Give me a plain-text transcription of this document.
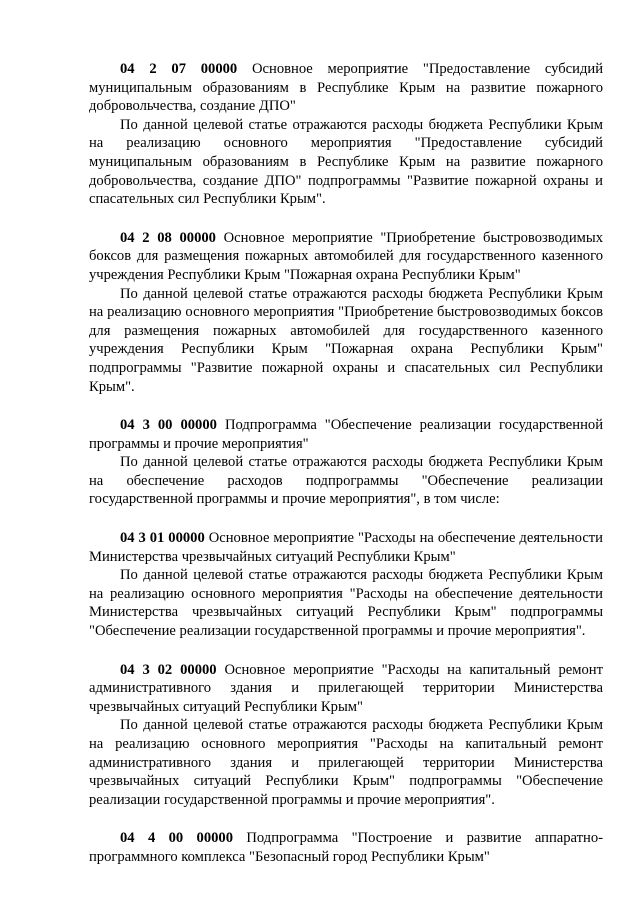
04 2 07 00000 Основное мероприятие "Предоставление субсидий муниципальным образованиям в Республике Крым на развитие пожарного добровольчества, создание ДПО"

По данной целевой статье отражаются расходы бюджета Республики Крым на реализацию основного мероприятия "Предоставление субсидий муниципальным образованиям в Республике Крым на развитие пожарного добровольчества, создание ДПО" подпрограммы "Развитие пожарной охраны и спасательных сил Республики Крым".

04 2 08 00000 Основное мероприятие "Приобретение быстровозводимых боксов для размещения пожарных автомобилей для государственного казенного учреждения Республики Крым "Пожарная охрана Республики Крым"

По данной целевой статье отражаются расходы бюджета Республики Крым на реализацию основного мероприятия "Приобретение быстровозводимых боксов для размещения пожарных автомобилей для государственного казенного учреждения Республики Крым "Пожарная охрана Республики Крым" подпрограммы "Развитие пожарной охраны и спасательных сил Республики Крым".

04 3 00 00000 Подпрограмма "Обеспечение реализации государственной программы и прочие мероприятия"

По данной целевой статье отражаются расходы бюджета Республики Крым на обеспечение расходов подпрограммы "Обеспечение реализации государственной программы и прочие мероприятия", в том числе:

04 3 01 00000 Основное мероприятие "Расходы на обеспечение деятельности Министерства чрезвычайных ситуаций Республики Крым"

По данной целевой статье отражаются расходы бюджета Республики Крым на реализацию основного мероприятия "Расходы на обеспечение деятельности Министерства чрезвычайных ситуаций Республики Крым" подпрограммы "Обеспечение реализации государственной программы и прочие мероприятия".

04 3 02 00000 Основное мероприятие "Расходы на капитальный ремонт административного здания и прилегающей территории Министерства чрезвычайных ситуаций Республики Крым"

По данной целевой статье отражаются расходы бюджета Республики Крым на реализацию основного мероприятия "Расходы на капитальный ремонт административного здания и прилегающей территории Министерства чрезвычайных ситуаций Республики Крым" подпрограммы "Обеспечение реализации государственной программы и прочие мероприятия".

04 4 00 00000 Подпрограмма "Построение и развитие аппаратно-программного комплекса "Безопасный город Республики Крым"
